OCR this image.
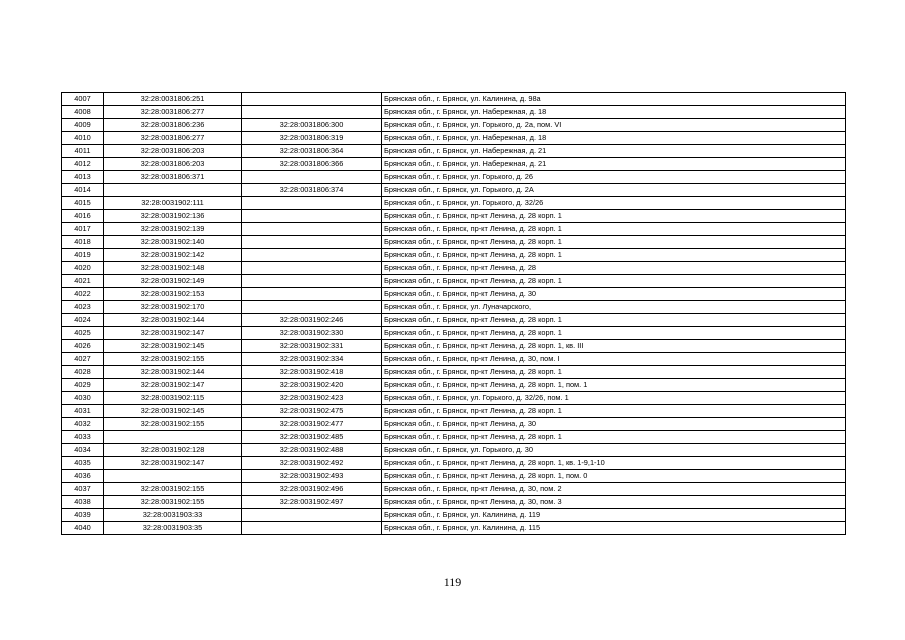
4007	32:28:0031806:251		Брянская обл., г. Брянск, ул. Калинина, д. 98а
4008	32:28:0031806:277		Брянская обл., г. Брянск, ул. Набережная, д. 18
4009	32:28:0031806:236	32:28:0031806:300	Брянская обл., г. Брянск, ул. Горького, д. 2а, пом. VI
4010	32:28:0031806:277	32:28:0031806:319	Брянская обл., г. Брянск, ул. Набережная, д. 18
4011	32:28:0031806:203	32:28:0031806:364	Брянская обл., г. Брянск, ул. Набережная, д. 21
4012	32:28:0031806:203	32:28:0031806:366	Брянская обл., г. Брянск, ул. Набережная, д. 21
4013	32:28:0031806:371		Брянская обл., г. Брянск, ул. Горького, д. 26
4014		32:28:0031806:374	Брянская обл., г. Брянск, ул. Горького, д. 2А
4015	32:28:0031902:111		Брянская обл., г. Брянск, ул. Горького, д. 32/26
4016	32:28:0031902:136		Брянская обл., г. Брянск, пр-кт Ленина, д. 28 корп. 1
4017	32:28:0031902:139		Брянская обл., г. Брянск, пр-кт Ленина, д. 28 корп. 1
4018	32:28:0031902:140		Брянская обл., г. Брянск, пр-кт Ленина, д. 28 корп. 1
4019	32:28:0031902:142		Брянская обл., г. Брянск, пр-кт Ленина, д. 28 корп. 1
4020	32:28:0031902:148		Брянская обл., г. Брянск, пр-кт Ленина, д. 28
4021	32:28:0031902:149		Брянская обл., г. Брянск, пр-кт Ленина, д. 28 корп. 1
4022	32:28:0031902:153		Брянская обл., г. Брянск, пр-кт Ленина, д. 30
4023	32:28:0031902:170		Брянская обл., г. Брянск, ул. Луначарского,
4024	32:28:0031902:144	32:28:0031902:246	Брянская обл., г. Брянск, пр-кт Ленина, д. 28 корп. 1
4025	32:28:0031902:147	32:28:0031902:330	Брянская обл., г. Брянск, пр-кт Ленина, д. 28 корп. 1
4026	32:28:0031902:145	32:28:0031902:331	Брянская обл., г. Брянск, пр-кт Ленина, д. 28 корп. 1, кв. III
4027	32:28:0031902:155	32:28:0031902:334	Брянская обл., г. Брянск, пр-кт Ленина, д. 30, пом. I
4028	32:28:0031902:144	32:28:0031902:418	Брянская обл., г. Брянск, пр-кт Ленина, д. 28 корп. 1
4029	32:28:0031902:147	32:28:0031902:420	Брянская обл., г. Брянск, пр-кт Ленина, д. 28 корп. 1, пом. 1
4030	32:28:0031902:115	32:28:0031902:423	Брянская обл., г. Брянск, ул. Горького, д. 32/26, пом. 1
4031	32:28:0031902:145	32:28:0031902:475	Брянская обл., г. Брянск, пр-кт Ленина, д. 28 корп. 1
4032	32:28:0031902:155	32:28:0031902:477	Брянская обл., г. Брянск, пр-кт Ленина, д. 30
4033		32:28:0031902:485	Брянская обл., г. Брянск, пр-кт Ленина, д. 28 корп. 1
4034	32:28:0031902:128	32:28:0031902:488	Брянская обл., г. Брянск, ул. Горького, д. 30
4035	32:28:0031902:147	32:28:0031902:492	Брянская обл., г. Брянск, пр-кт Ленина, д. 28 корп. 1, кв. 1-9,1-10
4036		32:28:0031902:493	Брянская обл., г. Брянск, пр-кт Ленина, д. 28 корп. 1, пом. 0
4037	32:28:0031902:155	32:28:0031902:496	Брянская обл., г. Брянск, пр-кт Ленина, д. 30, пом. 2
4038	32:28:0031902:155	32:28:0031902:497	Брянская обл., г. Брянск, пр-кт Ленина, д. 30, пом. 3
4039	32:28:0031903:33		Брянская обл., г. Брянск, ул. Калинина, д. 119
4040	32:28:0031903:35		Брянская обл., г. Брянск, ул. Калинина, д. 115
119
